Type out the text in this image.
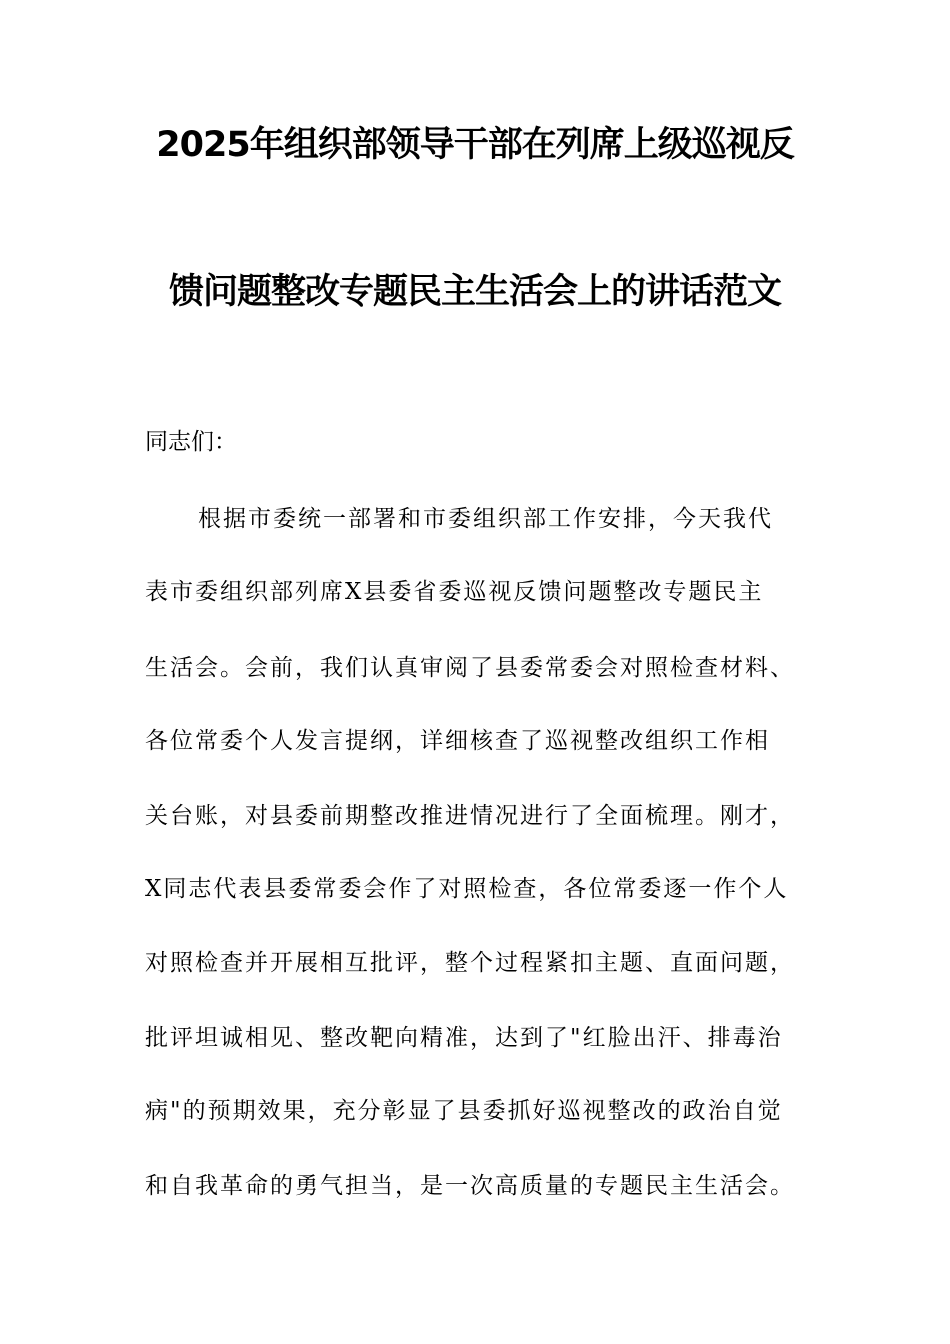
2025年组织部领导干部在列席上级巡视反
馈问题整改专题民主生活会上的讲话范文
同志们：
根据市委统一部署和市委组织部工作安排，今天我代
表市委组织部列席X县委省委巡视反馈问题整改专题民主
生活会。会前，我们认真审阅了县委常委会对照检查材料、
各位常委个人发言提纲，详细核查了巡视整改组织工作相
关台账，对县委前期整改推进情况进行了全面梳理。刚才，
X同志代表县委常委会作了对照检查，各位常委逐一作个人
对照检查并开展相互批评，整个过程紧扣主题、直面问题，
批评坦诚相见、整改靶向精准，达到了"红脸出汗、排毒治
病"的预期效果，充分彰显了县委抓好巡视整改的政治自觉
和自我革命的勇气担当，是一次高质量的专题民主生活会。
